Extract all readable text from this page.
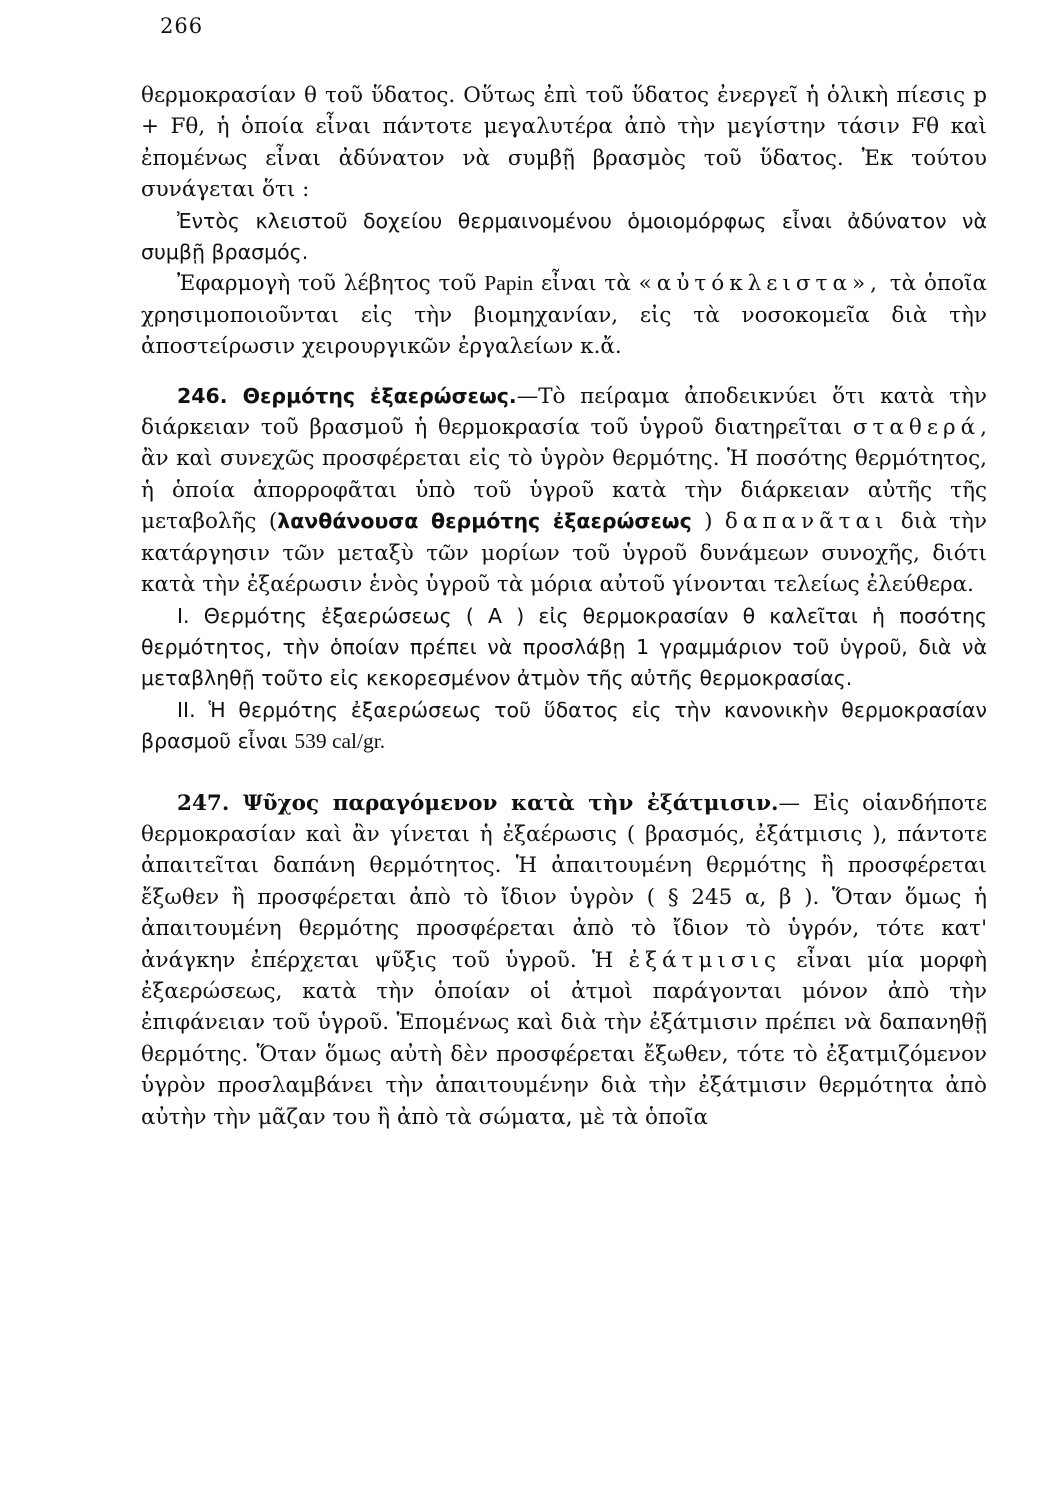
266

θερμοκρασίαν θ τοῦ ὕδατος. Οὕτως ἐπὶ τοῦ ὕδατος ἐνεργεῖ ἡ ὁλικὴ πίεσις p + Fθ, ἡ ὁποία εἶναι πάντοτε μεγαλυτέρα ἀπὸ τὴν μεγίστην τάσιν Fθ καὶ ἐπομένως εἶναι ἀδύνατον νὰ συμβῇ βρασμὸς τοῦ ὕδατος. Ἐκ τούτου συνάγεται ὅτι :

Ἐντὸς κλειστοῦ δοχείου θερμαινομένου ὁμοιομόρφως εἶναι ἀδύνατον νὰ συμβῇ βρασμός.

Ἐφαρμογὴ τοῦ λέβητος τοῦ Papin εἶναι τὰ «αὐτόκλειστα», τὰ ὁποῖα χρησιμοποιοῦνται εἰς τὴν βιομηχανίαν, εἰς τὰ νοσοκομεῖα διὰ τὴν ἀποστείρωσιν χειρουργικῶν ἐργαλείων κ.ἄ.

246. Θερμότης ἐξαερώσεως.—Τὸ πείραμα ἀποδεικνύει ὅτι κατὰ τὴν διάρκειαν τοῦ βρασμοῦ ἡ θερμοκρασία τοῦ ὑγροῦ διατηρεῖται σταθερά, ἂν καὶ συνεχῶς προσφέρεται εἰς τὸ ὑγρὸν θερμότης. Ἡ ποσότης θερμότητος, ἡ ὁποία ἀπορροφᾶται ὑπὸ τοῦ ὑγροῦ κατὰ τὴν διάρκειαν αὐτῆς τῆς μεταβολῆς (λανθάνουσα θερμότης ἐξαερώσεως ) δαπανᾶται διὰ τὴν κατάργησιν τῶν μεταξὺ τῶν μορίων τοῦ ὑγροῦ δυνάμεων συνοχῆς, διότι κατὰ τὴν ἐξαέρωσιν ἑνὸς ὑγροῦ τὰ μόρια αὐτοῦ γίνονται τελείως ἐλεύθερα.

I. Θερμότης ἐξαερώσεως ( Α ) εἰς θερμοκρασίαν θ καλεῖται ἡ ποσότης θερμότητος, τὴν ὁποίαν πρέπει νὰ προσλάβῃ 1 γραμμάριον τοῦ ὑγροῦ, διὰ νὰ μεταβληθῇ τοῦτο εἰς κεκορεσμένον ἀτμὸν τῆς αὐτῆς θερμοκρασίας.

II. Ἡ θερμότης ἐξαερώσεως τοῦ ὕδατος εἰς τὴν κανονικὴν θερμοκρασίαν βρασμοῦ εἶναι 539 cal/gr.

247. Ψῦχος παραγόμενον κατὰ τὴν ἐξάτμισιν.— Εἰς οἱανδήποτε θερμοκρασίαν καὶ ἂν γίνεται ἡ ἐξαέρωσις ( βρασμός, ἐξάτμισις ), πάντοτε ἀπαιτεῖται δαπάνη θερμότητος. Ἡ ἀπαιτουμένη θερμότης ἢ προσφέρεται ἔξωθεν ἢ προσφέρεται ἀπὸ τὸ ἴδιον ὑγρὸν ( § 245 α, β ). Ὅταν ὅμως ἡ ἀπαιτουμένη θερμότης προσφέρεται ἀπὸ τὸ ἴδιον τὸ ὑγρόν, τότε κατ' ἀνάγκην ἐπέρχεται ψῦξις τοῦ ὑγροῦ. Ἡ ἐξάτμισις εἶναι μία μορφὴ ἐξαερώσεως, κατὰ τὴν ὁποίαν οἱ ἀτμοὶ παράγονται μόνον ἀπὸ τὴν ἐπιφάνειαν τοῦ ὑγροῦ. Ἑπομένως καὶ διὰ τὴν ἐξάτμισιν πρέπει νὰ δαπανηθῇ θερμότης. Ὅταν ὅμως αὐτὴ δὲν προσφέρεται ἔξωθεν, τότε τὸ ἐξατμιζόμενον ὑγρὸν προσλαμβάνει τὴν ἀπαιτουμένην διὰ τὴν ἐξάτμισιν θερμότητα ἀπὸ αὐτὴν τὴν μᾶζαν του ἢ ἀπὸ τὰ σώματα, μὲ τὰ ὁποῖα
